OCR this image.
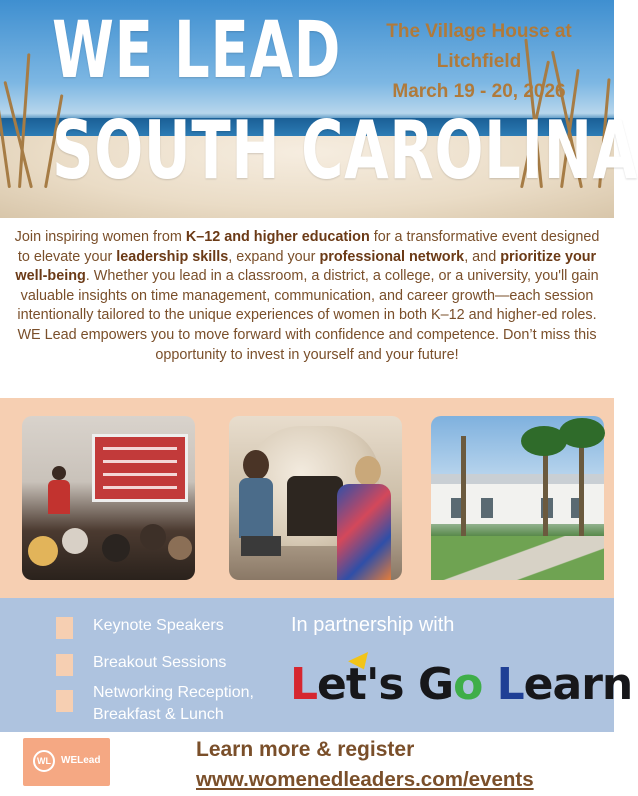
WE LEAD
SOUTH CAROLINA
The Village House at
Litchfield
March 19 - 20, 2026
Join inspiring women from K–12 and higher education for a transformative event designed to elevate your leadership skills, expand your professional network, and prioritize your well-being. Whether you lead in a classroom, a district, a college, or a university, you'll gain valuable insights on time management, communication, and career growth—each session intentionally tailored to the unique experiences of women in both K–12 and higher-ed roles.
WE Lead empowers you to move forward with confidence and competence. Don’t miss this opportunity to invest in yourself and your future!
Keynote Speakers
Breakout Sessions
Networking Reception,
Breakfast & Lunch
In partnership with
Let's Go Learn
WL	WELead	Learn more & register
www.womenedleaders.com/events
